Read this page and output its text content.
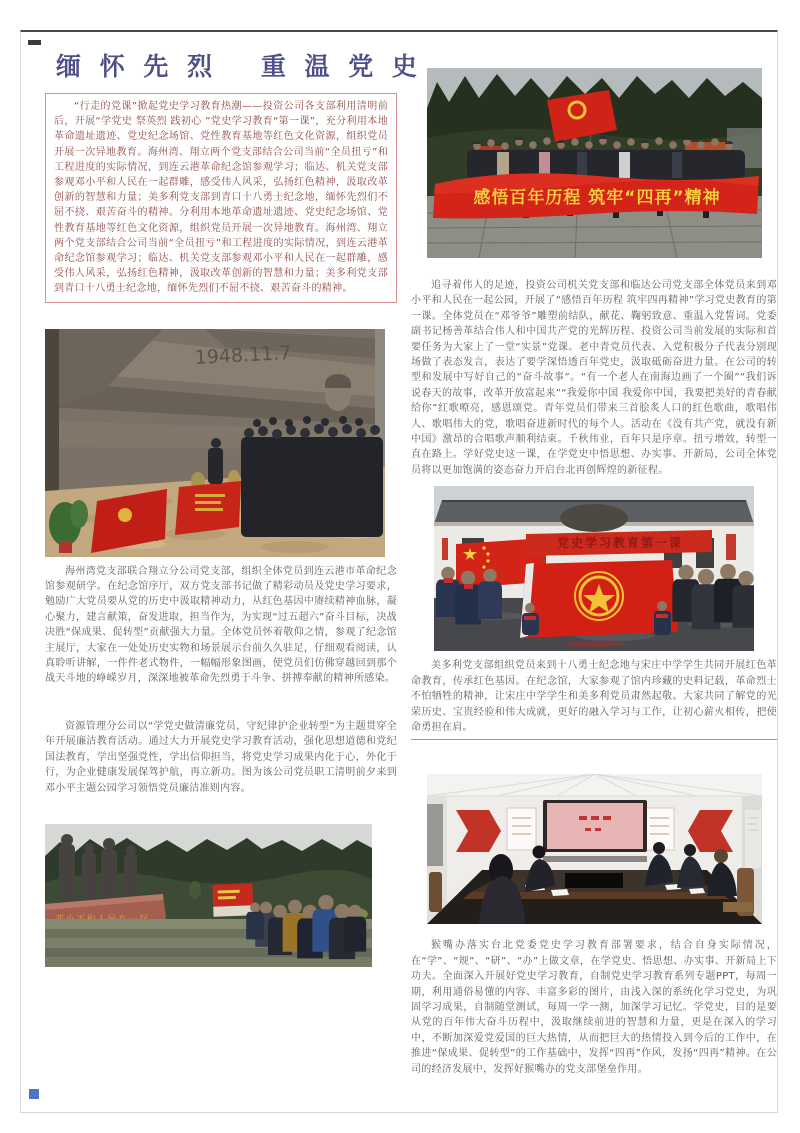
缅 怀 先 烈　 重 温 党 史
“行走的党课”掀起党史学习教育热潮——投资公司各支部利用清明前后，开展“学党史 祭英烈 践初心 ”党史学习教育“第一课”，充分利用本地革命遗址遗迹、党史纪念场馆、党性教育基地等红色文化资源，组织党员开展一次异地教育。海州湾、翔立两个党支部结合公司当前“全员扭亏”和工程进度的实际情况，到连云港革命纪念馆参观学习；临达、机关党支部参观邓小平和人民在一起群雕，感受伟人风采，弘扬红色精神，汲取改革创新的智慧和力量；美多利党支部到青口十八勇士纪念地，缅怀先烈们不屈不挠、艰苦奋斗的精神。分利用本地革命遗址遗迹、党史纪念场馆、党性教育基地等红色文化资源，组织党员开展一次异地教育。海州湾、翔立两个党支部结合公司当前“全员扭亏”和工程进度的实际情况，到连云港革命纪念馆参观学习；临达、机关党支部参观邓小平和人民在一起群雕，感受伟人风采，弘扬红色精神，汲取改革创新的智慧和力量；美多利党支部到青口十八勇士纪念地，缅怀先烈们不屈不挠、艰苦奋斗的精神。
1948.11.7

海州湾党支部联合翔立分公司党支部，组织全体党员到连云港市革命纪念馆参观研学。在纪念馆序厅，双方党支部书记做了精彩动员及党史学习要求，勉励广大党员要从党的历史中汲取精神动力，从红色基因中赓续精神血脉，凝心聚力，建言献策，奋发进取，担当作为，为实现“过五超六”奋斗目标，决战决胜“保成果、促转型”贡献强大力量。全体党员怀着敬仰之情，参观了纪念馆主展厅，大家在一处处历史实物和场景展示台前久久驻足，仔细观看阅读，认真聆听讲解，一件件老式物件，一幅幅形象图画，使党员们仿佛穿越回到那个战天斗地的峥嵘岁月，深深地被革命先烈勇于斗争、拼搏奉献的精神所感染。

资源管理分公司以“学党史做清廉党员，守纪律护企业转型”为主题贯穿全年开展廉洁教育活动。通过大力开展党史学习教育活动，强化思想道德和党纪国法教育，学出坚强党性，学出信仰担当，将党史学习成果内化于心，外化于行，为企业健康发展保驾护航，再立新功。图为该公司党员职工清明前夕来到邓小平主题公园学习领悟党员廉洁准则内容。

感悟百年历程 筑牢“四再”精神

追寻着伟人的足迹，投资公司机关党支部和临达公司党支部全体党员来到邓小平和人民在一起公园，开展了“感悟百年历程 筑牢四再精神”学习党史教育的第一课。全体党员在“邓爷爷”雕塑前结队，献花、鞠躬致意、重温入党誓词。党委副书记杨善革结合伟人和中国共产党的光辉历程、投资公司当前发展的实际和首要任务为大家上了一堂“实景”党课。老中青党员代表、入党积极分子代表分别现场做了表态发言，表达了要学深悟透百年党史，汲取砥砺奋进力量。在公司的转型和发展中写好自己的“奋斗故事”。“有一个老人在南海边画了一个圈”“我们诉说春天的故事，改革开放富起来”“我爱你中国 我爱你中国，我要把美好的青春献给你”红歌嘹亮，感恩颂党。青年党员们带来三首脍炙人口的红色歌曲，歌唱伟人、歌唱伟大的党，歌唱奋进新时代的每个人。活动在《没有共产党，就没有新中国》激昂的合唱歌声顺利结束。千秋伟业，百年只是序章。扭亏增效，转型一直在路上。学好党史这一课，在学党史中悟思想、办实事、开新局，公司全体党员将以更加饱满的姿态奋力开启台北再创辉煌的新征程。

党史学习教育第一课

美多利党支部组织党员来到十八勇士纪念地与宋庄中学学生共同开展红色革命教育，传承红色基因。在纪念馆，大家参观了馆内珍藏的史料记载，革命烈士不怕牺牲的精神，让宋庄中学学生和美多利党员肃然起敬。大家共同了解党的光荣历史、宝贵经验和伟大成就，更好的融入学习与工作，让初心薪火相传，把使命勇担在肩。

猴嘴办落实台北党委党史学习教育部署要求，结合自身实际情况，在“学”、“规”、“研”、“办”上做文章，在学党史、悟思想、办实事、开新局上下功夫。全面深入开展好党史学习教育，自制党史学习教育系列专题PPT，每周一期，利用通俗易懂的内容、丰富多彩的图片，由浅入深的系统化学习党史，为巩固学习成果，自制随堂测试，每周一学一测，加深学习记忆。学党史，目的是要从党的百年伟大奋斗历程中，汲取继续前进的智慧和力量，更是在深入的学习中，不断加深爱党爱国的巨大热情，从而把巨大的热情投入到今后的工作中，在推进“保成果、促转型”的工作基础中，发挥“四再”作风，发扬“四再”精神。在公司的经济发展中，发挥好猴嘴办的党支部堡垒作用。
